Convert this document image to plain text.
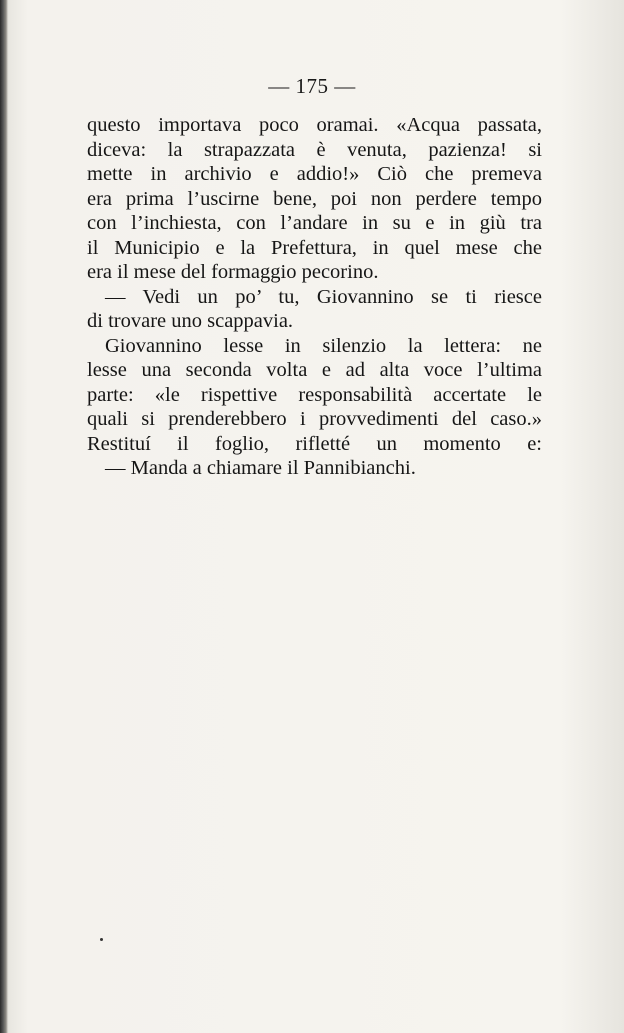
— 175 —
questo importava poco oramai. «Acqua passata,
diceva: la strapazzata è venuta, pazienza! si
mette in archivio e addio!» Ciò che premeva
era prima l’uscirne bene, poi non perdere tempo
con l’inchiesta, con l’andare in su e in giù tra
il Municipio e la Prefettura, in quel mese che
era il mese del formaggio pecorino.
— Vedi un po’ tu, Giovannino se ti riesce
di trovare uno scappavia.
Giovannino lesse in silenzio la lettera: ne
lesse una seconda volta e ad alta voce l’ultima
parte: «le rispettive responsabilità accertate le
quali si prenderebbero i provvedimenti del caso.»
Restituí il foglio, rifletté un momento e:
— Manda a chiamare il Pannibianchi.
